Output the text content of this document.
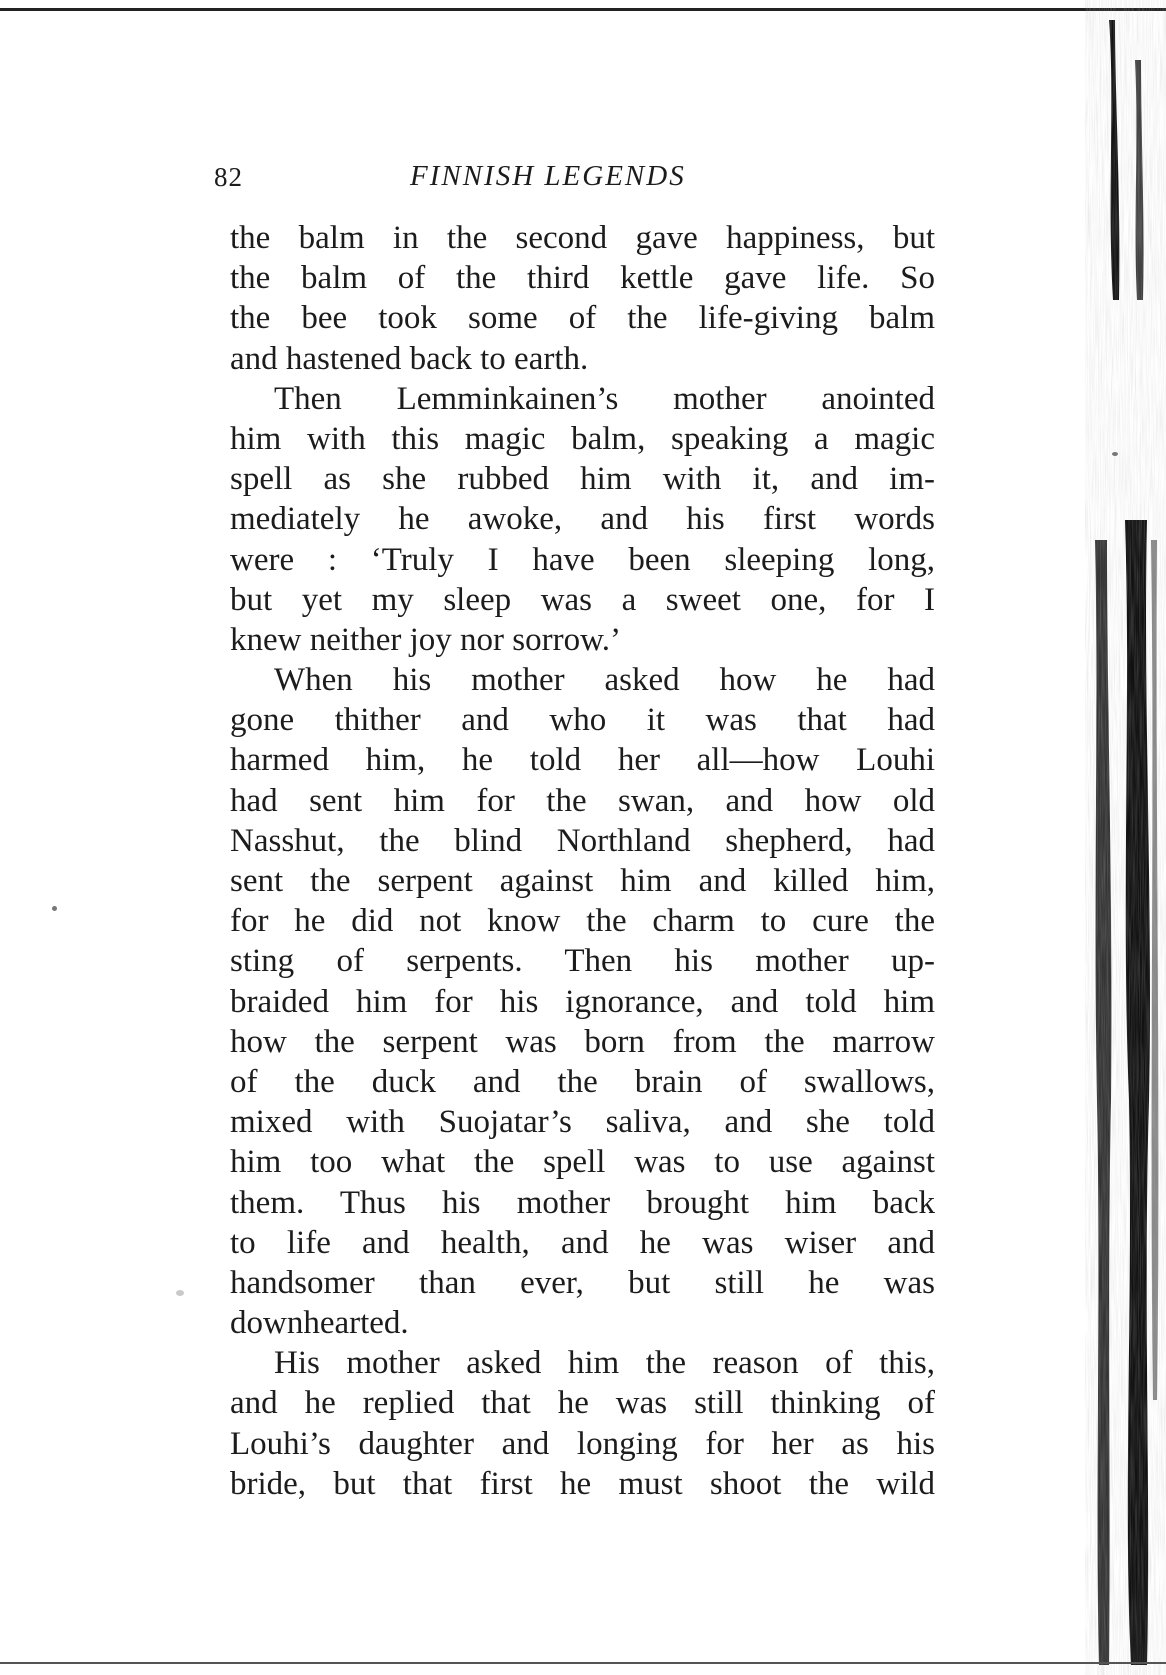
82	FINNISH LEGENDS
the balm in the second gave happiness, but
the balm of the third kettle gave life. So
the bee took some of the life-giving balm
and hastened back to earth.
Then Lemminkainen’s mother anointed
him with this magic balm, speaking a magic
spell as she rubbed him with it, and im-
mediately he awoke, and his first words
were : ‘Truly I have been sleeping long,
but yet my sleep was a sweet one, for I
knew neither joy nor sorrow.’
When his mother asked how he had
gone thither and who it was that had
harmed him, he told her all—how Louhi
had sent him for the swan, and how old
Nasshut, the blind Northland shepherd, had
sent the serpent against him and killed him,
for he did not know the charm to cure the
sting of serpents. Then his mother up-
braided him for his ignorance, and told him
how the serpent was born from the marrow
of the duck and the brain of swallows,
mixed with Suojatar’s saliva, and she told
him too what the spell was to use against
them. Thus his mother brought him back
to life and health, and he was wiser and
handsomer than ever, but still he was
downhearted.
His mother asked him the reason of this,
and he replied that he was still thinking of
Louhi’s daughter and longing for her as his
bride, but that first he must shoot the wild
